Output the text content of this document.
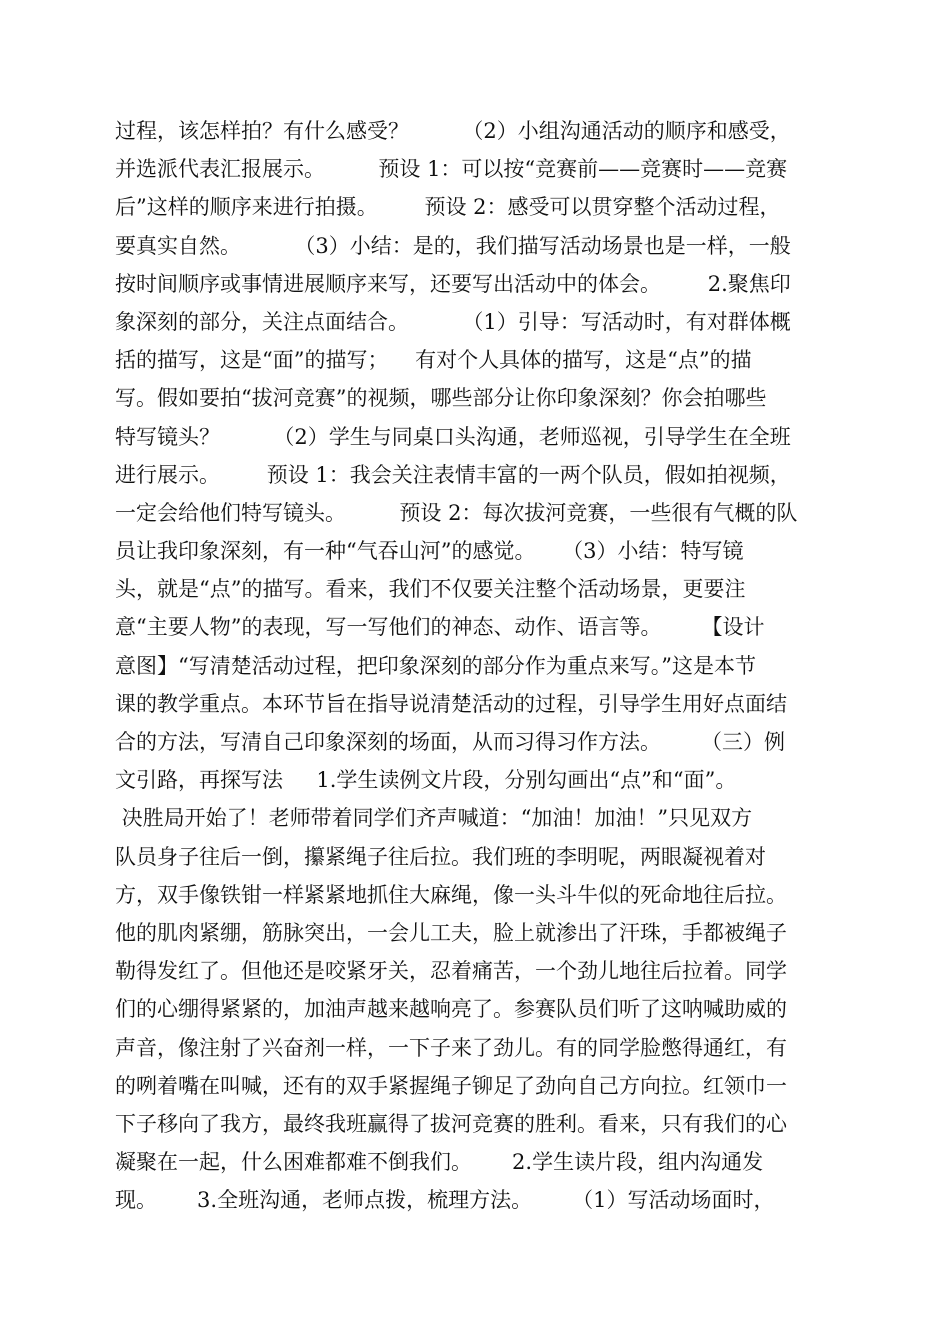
过程，该怎样拍？有什么感受？        （2）小组沟通活动的顺序和感受，
并选派代表汇报展示。        预设 1：可以按“竞赛前——竞赛时——竞赛
后”这样的顺序来进行拍摄。       预设 2：感受可以贯穿整个活动过程，
要真实自然。        （3）小结：是的，我们描写活动场景也是一样，一般
按时间顺序或事情进展顺序来写，还要写出活动中的体会。       2.聚焦印
象深刻的部分，关注点面结合。        （1）引导：写活动时，有对群体概
括的描写，这是“面”的描写；    有对个人具体的描写，这是“点”的描
写。假如要拍“拔河竞赛”的视频，哪些部分让你印象深刻？你会拍哪些
特写镜头？        （2）学生与同桌口头沟通，老师巡视，引导学生在全班
进行展示。       预设 1：我会关注表情丰富的一两个队员，假如拍视频，
一定会给他们特写镜头。        预设 2：每次拔河竞赛，一些很有气概的队
员让我印象深刻，有一种“气吞山河”的感觉。    （3）小结：特写镜
头，就是“点”的描写。看来，我们不仅要关注整个活动场景，更要注
意“主要人物”的表现，写一写他们的神态、动作、语言等。      【设计
意图】“写清楚活动过程，把印象深刻的部分作为重点来写。”这是本节
课的教学重点。本环节旨在指导说清楚活动的过程，引导学生用好点面结
合的方法，写清自己印象深刻的场面，从而习得习作方法。      （三）例
文引路，再探写法     1.学生读例文片段，分别勾画出“点”和“面”。
决胜局开始了！老师带着同学们齐声喊道：“加油！加油！”只见双方
队员身子往后一倒，攥紧绳子往后拉。我们班的李明呢，两眼凝视着对
方，双手像铁钳一样紧紧地抓住大麻绳，像一头斗牛似的死命地往后拉。
他的肌肉紧绷，筋脉突出，一会儿工夫，脸上就渗出了汗珠，手都被绳子
勒得发红了。但他还是咬紧牙关，忍着痛苦，一个劲儿地往后拉着。同学
们的心绷得紧紧的，加油声越来越响亮了。参赛队员们听了这呐喊助威的
声音，像注射了兴奋剂一样，一下子来了劲儿。有的同学脸憋得通红，有
的咧着嘴在叫喊，还有的双手紧握绳子铆足了劲向自己方向拉。红领巾一
下子移向了我方，最终我班赢得了拔河竞赛的胜利。看来，只有我们的心
凝聚在一起，什么困难都难不倒我们。      2.学生读片段，组内沟通发
现。      3.全班沟通，老师点拨，梳理方法。      （1）写活动场面时，
